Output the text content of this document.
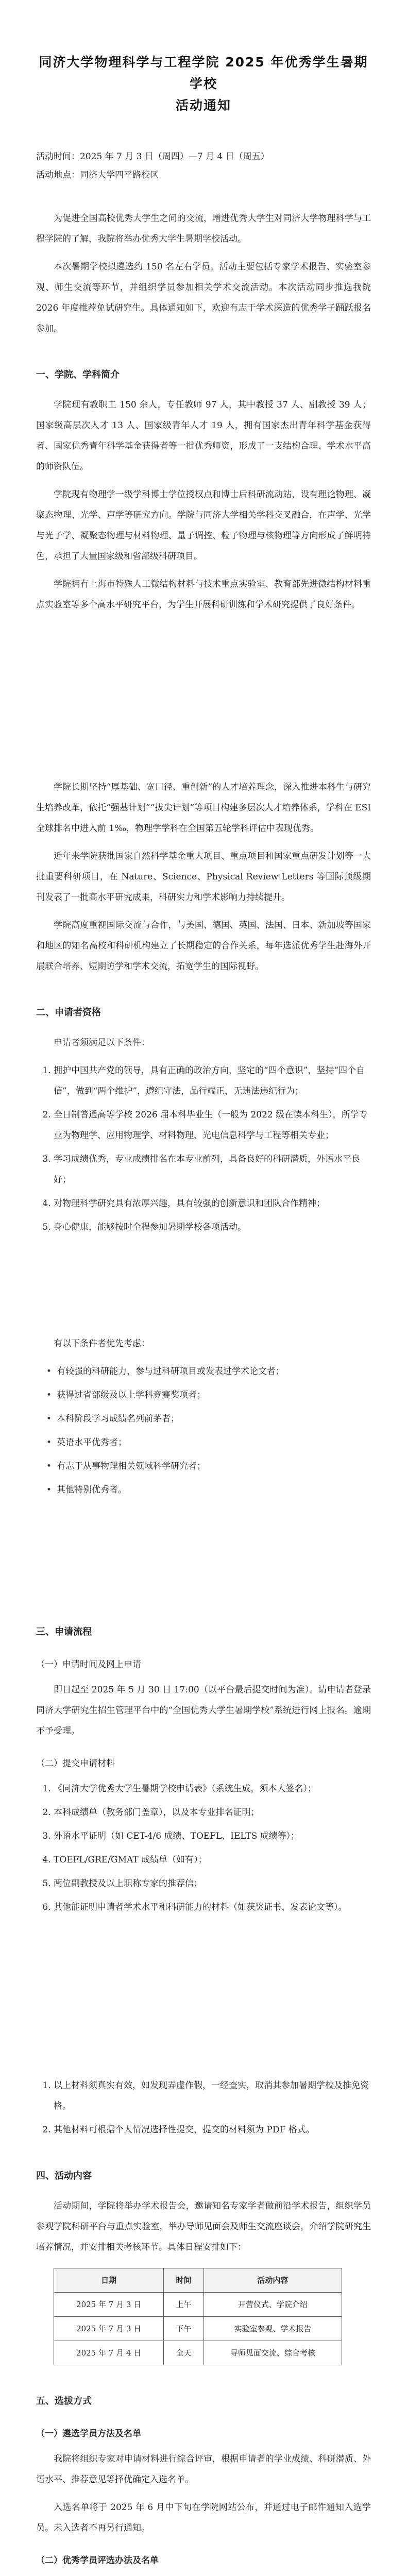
同济大学物理科学与工程学院 2025 年优秀学生暑期学校
活动通知

活动时间：2025 年 7 月 3 日（周四）—7 月 4 日（周五）

活动地点：同济大学四平路校区

为促进全国高校优秀大学生之间的交流，增进优秀大学生对同济大学物理科学与工程学院的了解，我院将举办优秀大学生暑期学校活动。

本次暑期学校拟遴选约 150 名左右学员。活动主要包括专家学术报告、实验室参观、师生交流等环节，并组织学员参加相关学术交流活动。本次活动同步推选我院 2026 年度推荐免试研究生。具体通知如下，欢迎有志于学术深造的优秀学子踊跃报名参加。

一、学院、学科简介

学院现有教职工 150 余人，专任教师 97 人，其中教授 37 人、副教授 39 人；国家级高层次人才 13 人、国家级青年人才 19 人，拥有国家杰出青年科学基金获得者、国家优秀青年科学基金获得者等一批优秀师资，形成了一支结构合理、学术水平高的师资队伍。

学院现有物理学一级学科博士学位授权点和博士后科研流动站，设有理论物理、凝聚态物理、光学、声学等研究方向。学院与同济大学相关学科交叉融合，在声学、光学与光子学、凝聚态物理与材料物理、量子调控、粒子物理与核物理等方向形成了鲜明特色，承担了大量国家级和省部级科研项目。

学院拥有上海市特殊人工微结构材料与技术重点实验室、教育部先进微结构材料重点实验室等多个高水平研究平台，为学生开展科研训练和学术研究提供了良好条件。

学院长期坚持“厚基础、宽口径、重创新”的人才培养理念，深入推进本科生与研究生培养改革，依托“强基计划”“拔尖计划”等项目构建多层次人才培养体系，学科在 ESI 全球排名中进入前 1‰，物理学学科在全国第五轮学科评估中表现优秀。

近年来学院获批国家自然科学基金重大项目、重点项目和国家重点研发计划等一大批重要科研项目，在 Nature、Science、Physical Review Letters 等国际顶级期刊发表了一批高水平研究成果，科研实力和学术影响力持续提升。

学院高度重视国际交流与合作，与美国、德国、英国、法国、日本、新加坡等国家和地区的知名高校和科研机构建立了长期稳定的合作关系，每年选派优秀学生赴海外开展联合培养、短期访学和学术交流，拓宽学生的国际视野。

二、申请者资格

申请者须满足以下条件：

1. 拥护中国共产党的领导，具有正确的政治方向，坚定的“四个意识”，坚持“四个自信”，做到“两个维护”，遵纪守法，品行端正，无违法违纪行为；
2. 全日制普通高等学校 2026 届本科毕业生（一般为 2022 级在读本科生），所学专业为物理学、应用物理学、材料物理、光电信息科学与工程等相关专业；
3. 学习成绩优秀，专业成绩排名在本专业前列，具备良好的科研潜质，外语水平良好；
4. 对物理科学研究具有浓厚兴趣，具有较强的创新意识和团队合作精神；
5. 身心健康，能够按时全程参加暑期学校各项活动。

有以下条件者优先考虑：

• 有较强的科研能力，参与过科研项目或发表过学术论文者；
• 获得过省部级及以上学科竞赛奖项者；
• 本科阶段学习成绩名列前茅者；
• 英语水平优秀者；
• 有志于从事物理相关领域科学研究者；
• 其他特别优秀者。
三、申请流程
（一）申请时间及网上申请

即日起至 2025 年 5 月 30 日 17:00（以平台最后提交时间为准）。请申请者登录同济大学研究生招生管理平台中的“全国优秀大学生暑期学校”系统进行网上报名。逾期不予受理。

（二）提交申请材料
1. 《同济大学优秀大学生暑期学校申请表》（系统生成，须本人签名）；
2. 本科成绩单（教务部门盖章），以及本专业排名证明；
3. 外语水平证明（如 CET-4/6 成绩、TOEFL、IELTS 成绩等）；
4. TOEFL/GRE/GMAT 成绩单（如有）；
5. 两位副教授及以上职称专家的推荐信；
6. 其他能证明申请者学术水平和科研能力的材料（如获奖证书、发表论文等）。
1. 以上材料须真实有效，如发现弄虚作假，一经查实，取消其参加暑期学校及推免资格。
2. 其他材料可根据个人情况选择性提交，提交的材料须为 PDF 格式。
四、活动内容

活动期间，学院将举办学术报告会，邀请知名专家学者做前沿学术报告，组织学员参观学院科研平台与重点实验室，举办导师见面会及师生交流座谈会，介绍学院研究生培养情况，并安排相关考核环节。具体日程安排如下：

日期	时间	活动内容
2025 年 7 月 3 日	上午	开营仪式、学院介绍
2025 年 7 月 3 日	下午	实验室参观、学术报告
2025 年 7 月 4 日	全天	导师见面交流、综合考核
五、选拔方式
（一）遴选学员方法及名单

我院将组织专家对申请材料进行综合评审，根据申请者的学业成绩、科研潜质、外语水平、推荐意见等择优确定入选名单。

入选名单将于 2025 年 6 月中下旬在学院网站公布，并通过电子邮件通知入选学员。未入选者不再另行通知。

（二）优秀学员评选办法及名单
